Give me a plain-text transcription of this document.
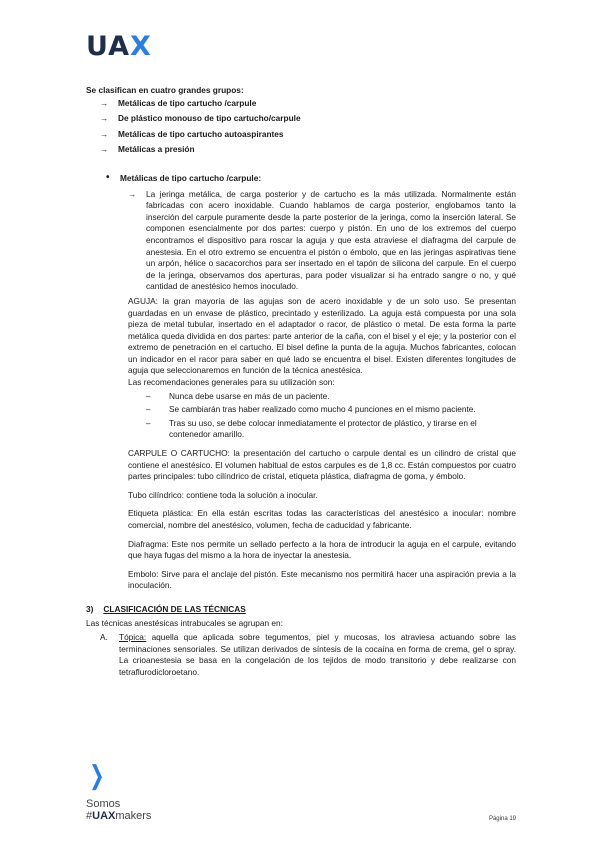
UAX

Se clasifican en cuatro grandes grupos:

→ Metálicas de tipo cartucho /carpule
→ De plástico monouso de tipo cartucho/carpule
→ Metálicas de tipo cartucho autoaspirantes
→ Metálicas a presión
• Metálicas de tipo cartucho /carpule:
→ La jeringa metálica, de carga posterior y de cartucho es la más utilizada. Normalmente están fabricadas con acero inoxidable. Cuando hablamos de carga posterior, englobamos tanto la inserción del carpule puramente desde la parte posterior de la jeringa, como la inserción lateral. Se componen esencialmente por dos partes: cuerpo y pistón. En uno de los extremos del cuerpo encontramos el dispositivo para roscar la aguja y que esta atraviese el diafragma del carpule de anestesia. En el otro extremo se encuentra el pistón o émbolo, que en las jeringas aspirativas tiene un arpón, hélice o sacacorchos para ser insertado en el tapón de silicona del carpule. En el cuerpo de la jeringa, observamos dos aperturas, para poder visualizar si ha entrado sangre o no, y qué cantidad de anestésico hemos inoculado.

AGUJA: la gran mayoría de las agujas son de acero inoxidable y de un solo uso. Se presentan guardadas en un envase de plástico, precintado y esterilizado. La aguja está compuesta por una sola pieza de metal tubular, insertado en el adaptador o racor, de plástico o metal. De esta forma la parte metálica queda dividida en dos partes: parte anterior de la caña, con el bisel y el eje; y la posterior con el extremo de penetración en el cartucho. El bisel define la punta de la aguja. Muchos fabricantes, colocan un indicador en el racor para saber en qué lado se encuentra el bisel. Existen diferentes longitudes de aguja que seleccionaremos en función de la técnica anestésica.

Las recomendaciones generales para su utilización son:

– Nunca debe usarse en más de un paciente.
– Se cambiarán tras haber realizado como mucho 4 punciones en el mismo paciente.
– Tras su uso, se debe colocar inmediatamente el protector de plástico, y tirarse en el contenedor amarillo.

CARPULE O CARTUCHO: la presentación del cartucho o carpule dental es un cilindro de cristal que contiene el anestésico. El volumen habitual de estos carpules es de 1,8 cc. Están compuestos por cuatro partes principales: tubo cilíndrico de cristal, etiqueta plástica, diafragma de goma, y émbolo.

Tubo cilíndrico: contiene toda la solución a inocular.

Etiqueta plástica: En ella están escritas todas las características del anestésico a inocular: nombre comercial, nombre del anestésico, volumen, fecha de caducidad y fabricante.

Diafragma: Este nos permite un sellado perfecto a la hora de introducir la aguja en el carpule, evitando que haya fugas del mismo a la hora de inyectar la anestesia.

Embolo: Sirve para el anclaje del pistón. Este mecanismo nos permitirá hacer una aspiración previa a la inoculación.

3) CLASIFICACIÓN DE LAS TÉCNICAS

Las técnicas anestésicas intrabucales se agrupan en:

A. Tópica: aquella que aplicada sobre tegumentos, piel y mucosas, los atraviesa actuando sobre las terminaciones sensoriales. Se utilizan derivados de síntesis de la cocaína en forma de crema, gel o spray. La crioanestesia se basa en la congelación de los tejidos de modo transitorio y debe realizarse con tetraflurodicloroetano.
❯
Somos
#UAXmakers	Página 19
